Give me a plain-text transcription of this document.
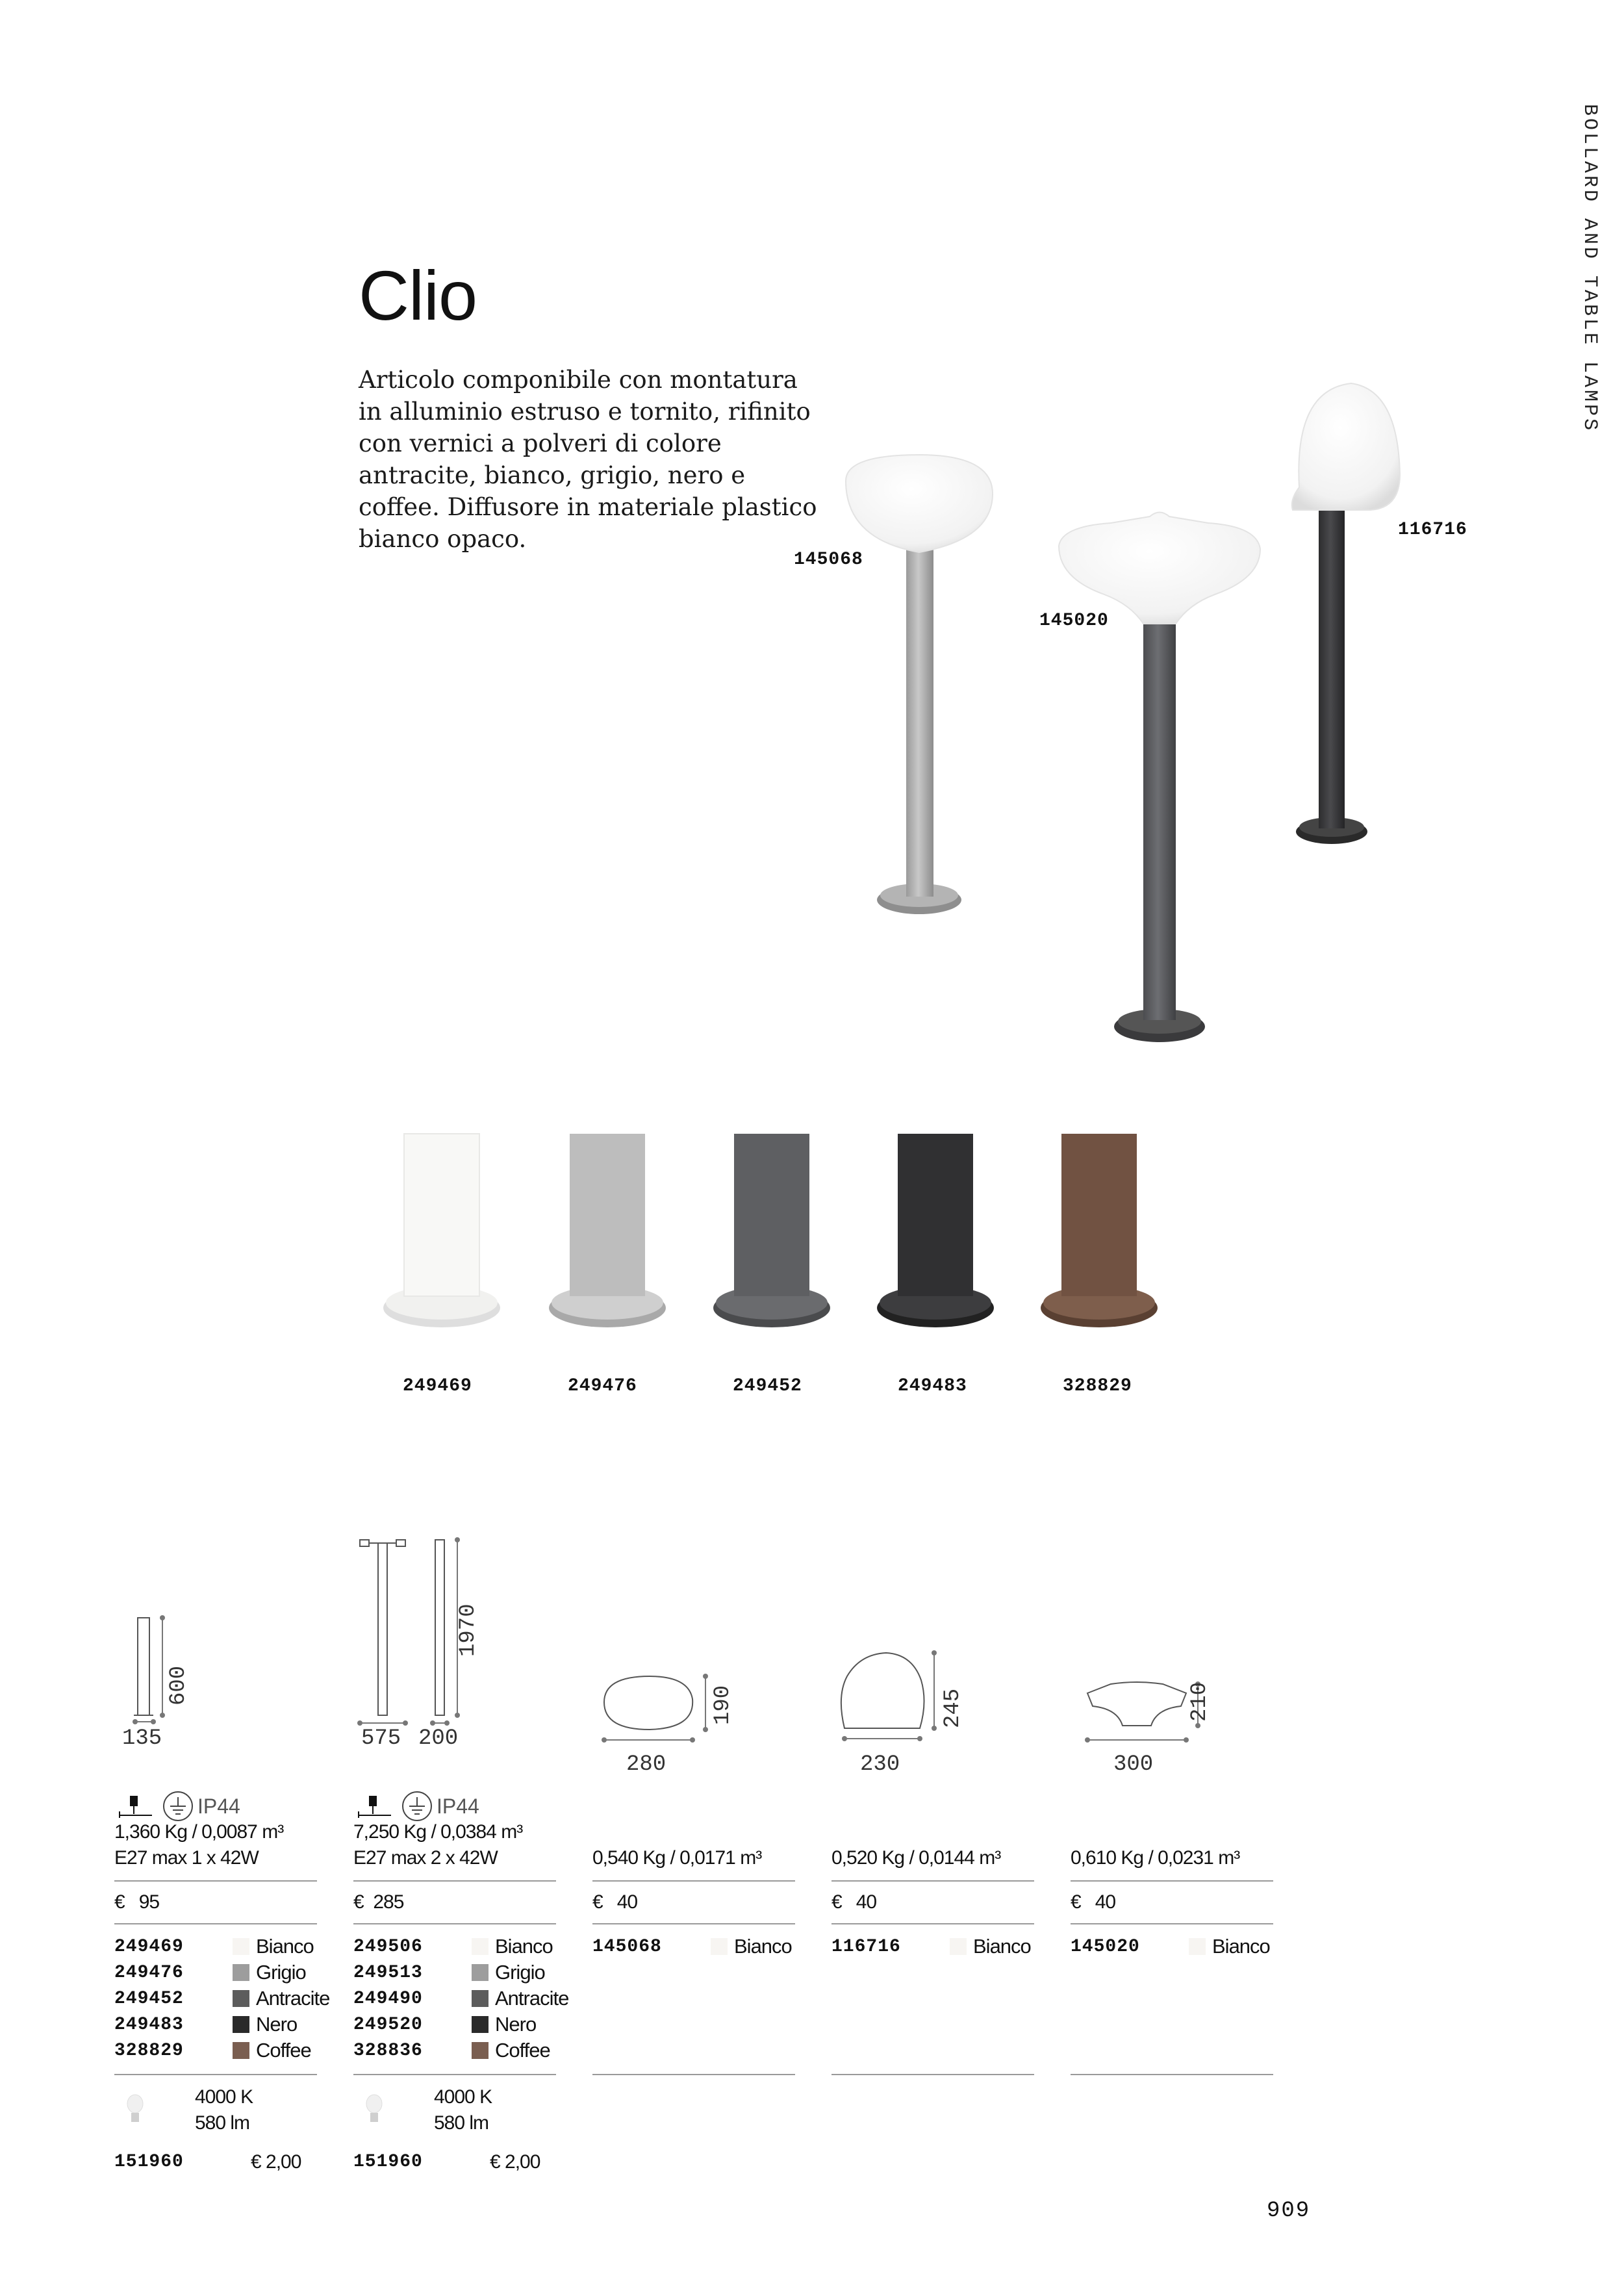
BOLLARD AND TABLE LAMPS
Clio
Articolo componibile con montatura in alluminio estruso e tornito, rifinito con vernici a polveri di colore antracite, bianco, grigio, nero e coffee. Diffusore in materiale plastico bianco opaco.
145068
145020
116716
249469	249476	249452	249483	328829
600
135
1970
575 200
190
280
245
230
210
300
IP44	IP44
1,360 Kg / 0,0087 m³
E27 max 1 x 42W
€ 95
249469	Bianco
249476	Grigio
249452	Antracite
249483	Nero
328829	Coffee
4000 K
580 lm
151960	€ 2,00
7,250 Kg / 0,0384 m³
E27 max 2 x 42W
€ 285
249506	Bianco
249513	Grigio
249490	Antracite
249520	Nero
328836	Coffee
4000 K
580 lm
151960	€ 2,00
0,540 Kg / 0,0171 m³
€ 40
145068	Bianco
0,520 Kg / 0,0144 m³
€ 40
116716	Bianco
0,610 Kg / 0,0231 m³
€ 40
145020	Bianco
909
